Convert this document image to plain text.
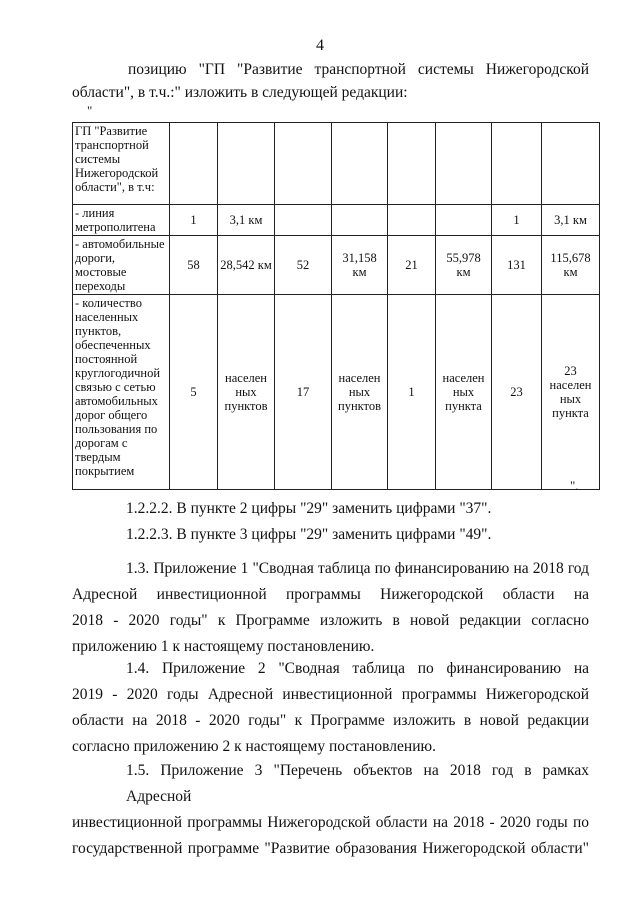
4
позицию "ГП "Развитие транспортной системы Нижегородской
области", в т.ч.:" изложить в следующей редакции:
"
ГП "Развитие транспортной системы Нижегородской области", в т.ч:								
- линия метрополитена	1	3,1 км					1	3,1 км
- автомобильные дороги, мостовые переходы	58	28,542 км	52	31,158 км	21	55,978 км	131	115,678 км
- количество населенных пунктов, обеспеченных постоянной круглогодичной связью с сетью автомобильных дорог общего пользования по дорогам с твердым покрытием	5	населен ных пунктов	17	населен ных пунктов	1	населен ных пункта	23	23 населен ных пункта
".

1.2.2.2. В пункте 2 цифры "29" заменить цифрами "37".

1.2.2.3. В пункте 3 цифры "29" заменить цифрами "49".

1.3. Приложение 1 "Сводная таблица по финансированию на 2018 год
Адресной инвестиционной программы Нижегородской области на
2018 - 2020 годы" к Программе изложить в новой редакции согласно
приложению 1 к настоящему постановлению.

1.4. Приложение 2 "Сводная таблица по финансированию на
2019 - 2020 годы Адресной инвестиционной программы Нижегородской
области на 2018 - 2020 годы" к Программе изложить в новой редакции
согласно приложению 2 к настоящему постановлению.

1.5. Приложение 3 "Перечень объектов на 2018 год в рамках Адресной
инвестиционной программы Нижегородской области на 2018 - 2020 годы по
государственной программе "Развитие образования Нижегородской области"
